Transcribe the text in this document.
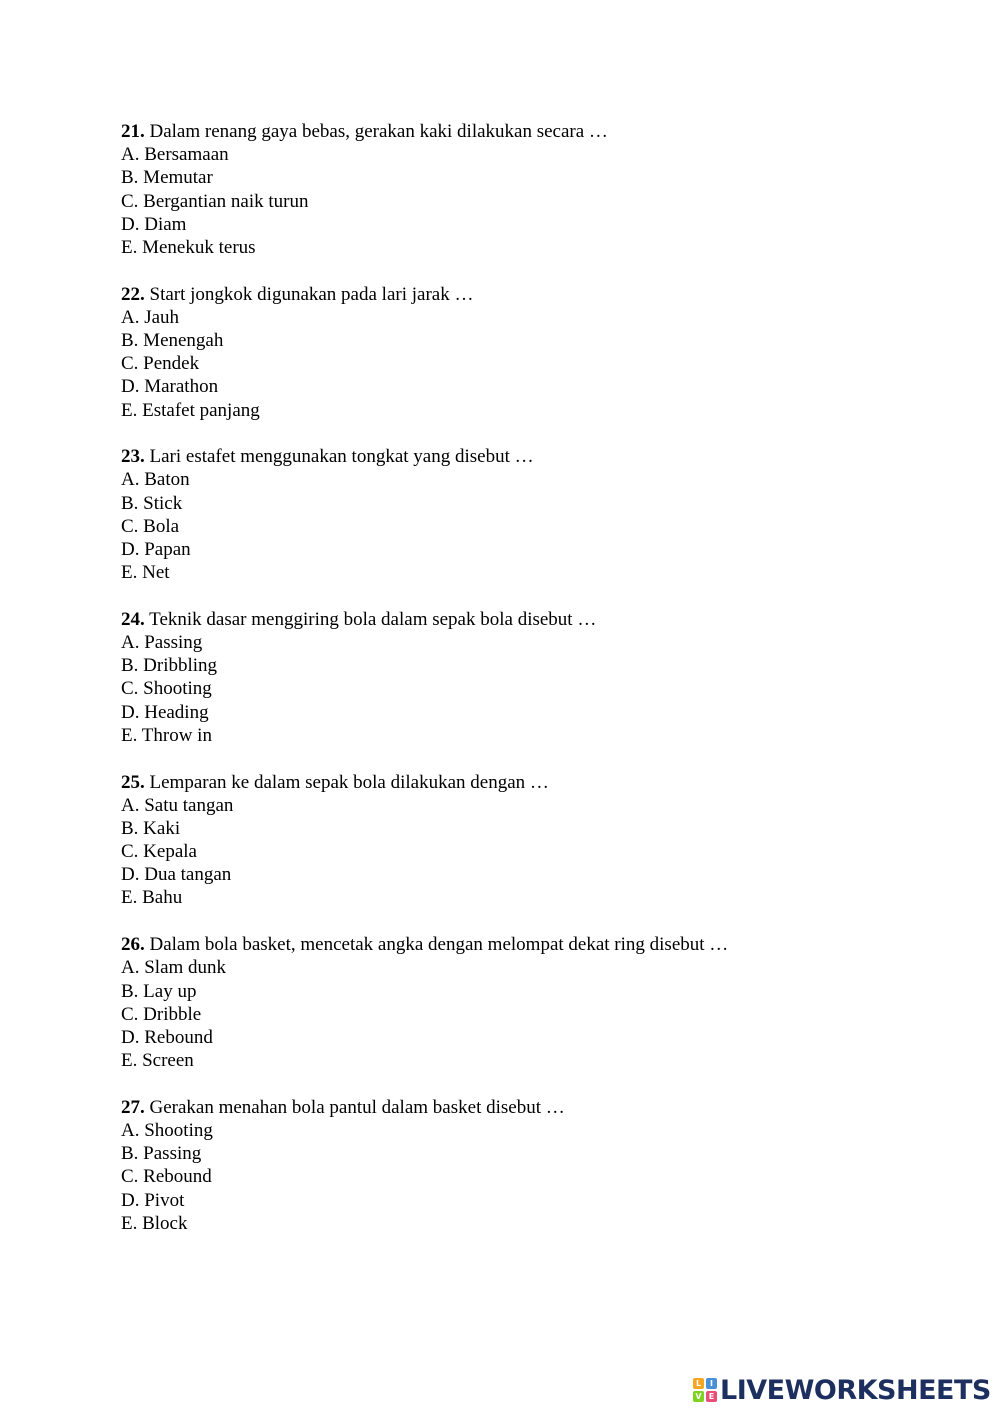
21. Dalam renang gaya bebas, gerakan kaki dilakukan secara …
A. Bersamaan
B. Memutar
C. Bergantian naik turun
D. Diam
E. Menekuk terus
22. Start jongkok digunakan pada lari jarak …
A. Jauh
B. Menengah
C. Pendek
D. Marathon
E. Estafet panjang
23. Lari estafet menggunakan tongkat yang disebut …
A. Baton
B. Stick
C. Bola
D. Papan
E. Net
24. Teknik dasar menggiring bola dalam sepak bola disebut …
A. Passing
B. Dribbling
C. Shooting
D. Heading
E. Throw in
25. Lemparan ke dalam sepak bola dilakukan dengan …
A. Satu tangan
B. Kaki
C. Kepala
D. Dua tangan
E. Bahu
26. Dalam bola basket, mencetak angka dengan melompat dekat ring disebut …
A. Slam dunk
B. Lay up
C. Dribble
D. Rebound
E. Screen
27. Gerakan menahan bola pantul dalam basket disebut …
A. Shooting
B. Passing
C. Rebound
D. Pivot
E. Block
L	I
V E LIVEWORKSHEETS
